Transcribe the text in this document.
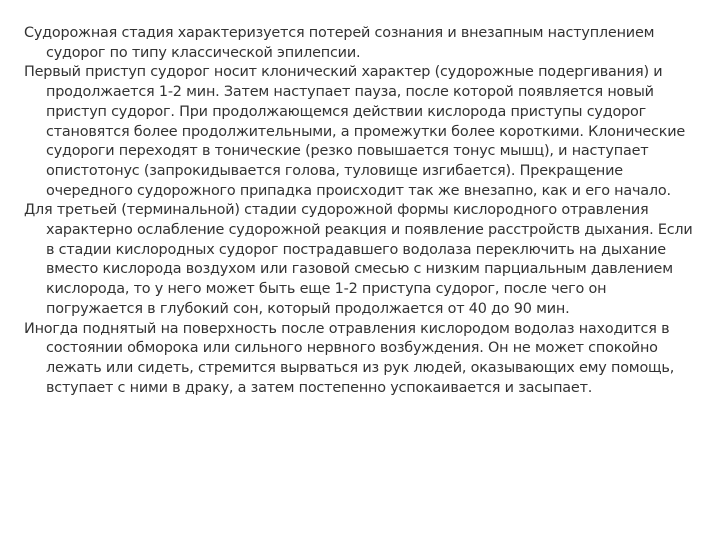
Судорожная стадия характеризуется потерей сознания и внезапным наступлением судорог по типу классической эпилепсии.

Первый приступ судорог носит клонический характер (судорожные подергивания) и продолжается 1-2 мин. Затем наступает пауза, после которой появляется новый приступ судорог. При продолжающемся действии кислорода приступы судорог становятся более продолжительными, а промежутки более короткими. Клонические судороги переходят в тонические (резко повышается тонус мышц), и наступает опистотонус (запрокидывается голова, туловище изгибается). Прекращение очередного судорожного припадка происходит так же внезапно, как и его начало.

Для третьей (терминальной) стадии судорожной формы кислородного отравления характерно ослабление судорожной реакция и появление расстройств дыхания. Если в стадии кислородных судорог пострадавшего водолаза переключить на дыхание вместо кислорода воздухом или газовой смесью с низким парциальным давлением кислорода, то у него может быть еще 1-2 приступа судорог, после чего он погружается в глубокий сон, который продолжается от 40 до 90 мин.

Иногда поднятый на поверхность после отравления кислородом водолаз находится в состоянии обморока или сильного нервного возбуждения. Он не может спокойно лежать или сидеть, стремится вырваться из рук людей, оказывающих ему помощь, вступает с ними в драку, а затем постепенно успокаивается и засыпает.
